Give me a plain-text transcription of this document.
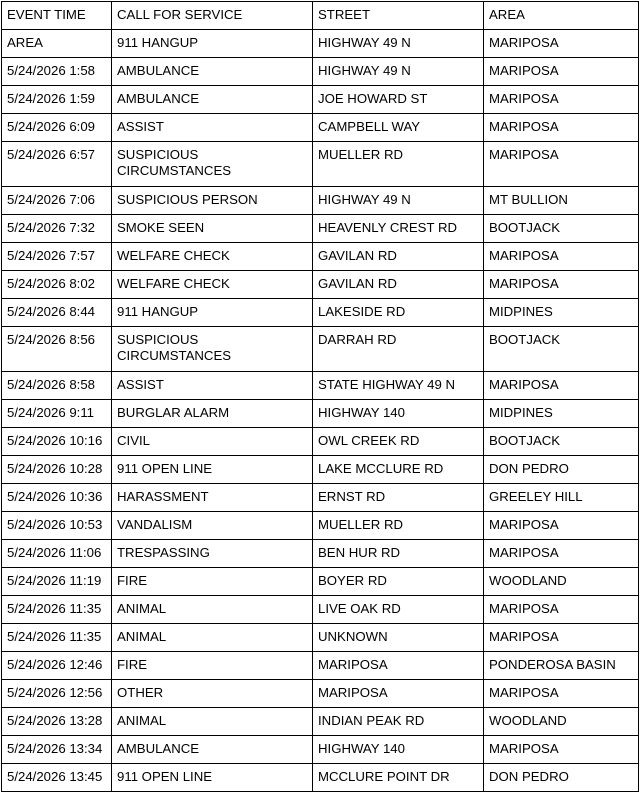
EVENT TIME	CALL FOR SERVICE	STREET	AREA
AREA	911 HANGUP	HIGHWAY 49 N	MARIPOSA
5/24/2026 1:58	AMBULANCE	HIGHWAY 49 N	MARIPOSA
5/24/2026 1:59	AMBULANCE	JOE HOWARD ST	MARIPOSA
5/24/2026 6:09	ASSIST	CAMPBELL WAY	MARIPOSA
5/24/2026 6:57	SUSPICIOUS CIRCUMSTANCES	MUELLER RD	MARIPOSA
5/24/2026 7:06	SUSPICIOUS PERSON	HIGHWAY 49 N	MT BULLION
5/24/2026 7:32	SMOKE SEEN	HEAVENLY CREST RD	BOOTJACK
5/24/2026 7:57	WELFARE CHECK	GAVILAN RD	MARIPOSA
5/24/2026 8:02	WELFARE CHECK	GAVILAN RD	MARIPOSA
5/24/2026 8:44	911 HANGUP	LAKESIDE RD	MIDPINES
5/24/2026 8:56	SUSPICIOUS CIRCUMSTANCES	DARRAH RD	BOOTJACK
5/24/2026 8:58	ASSIST	STATE HIGHWAY 49 N	MARIPOSA
5/24/2026 9:11	BURGLAR ALARM	HIGHWAY 140	MIDPINES
5/24/2026 10:16	CIVIL	OWL CREEK RD	BOOTJACK
5/24/2026 10:28	911 OPEN LINE	LAKE MCCLURE RD	DON PEDRO
5/24/2026 10:36	HARASSMENT	ERNST RD	GREELEY HILL
5/24/2026 10:53	VANDALISM	MUELLER RD	MARIPOSA
5/24/2026 11:06	TRESPASSING	BEN HUR RD	MARIPOSA
5/24/2026 11:19	FIRE	BOYER RD	WOODLAND
5/24/2026 11:35	ANIMAL	LIVE OAK RD	MARIPOSA
5/24/2026 11:35	ANIMAL	UNKNOWN	MARIPOSA
5/24/2026 12:46	FIRE	MARIPOSA	PONDEROSA BASIN
5/24/2026 12:56	OTHER	MARIPOSA	MARIPOSA
5/24/2026 13:28	ANIMAL	INDIAN PEAK RD	WOODLAND
5/24/2026 13:34	AMBULANCE	HIGHWAY 140	MARIPOSA
5/24/2026 13:45	911 OPEN LINE	MCCLURE POINT DR	DON PEDRO
